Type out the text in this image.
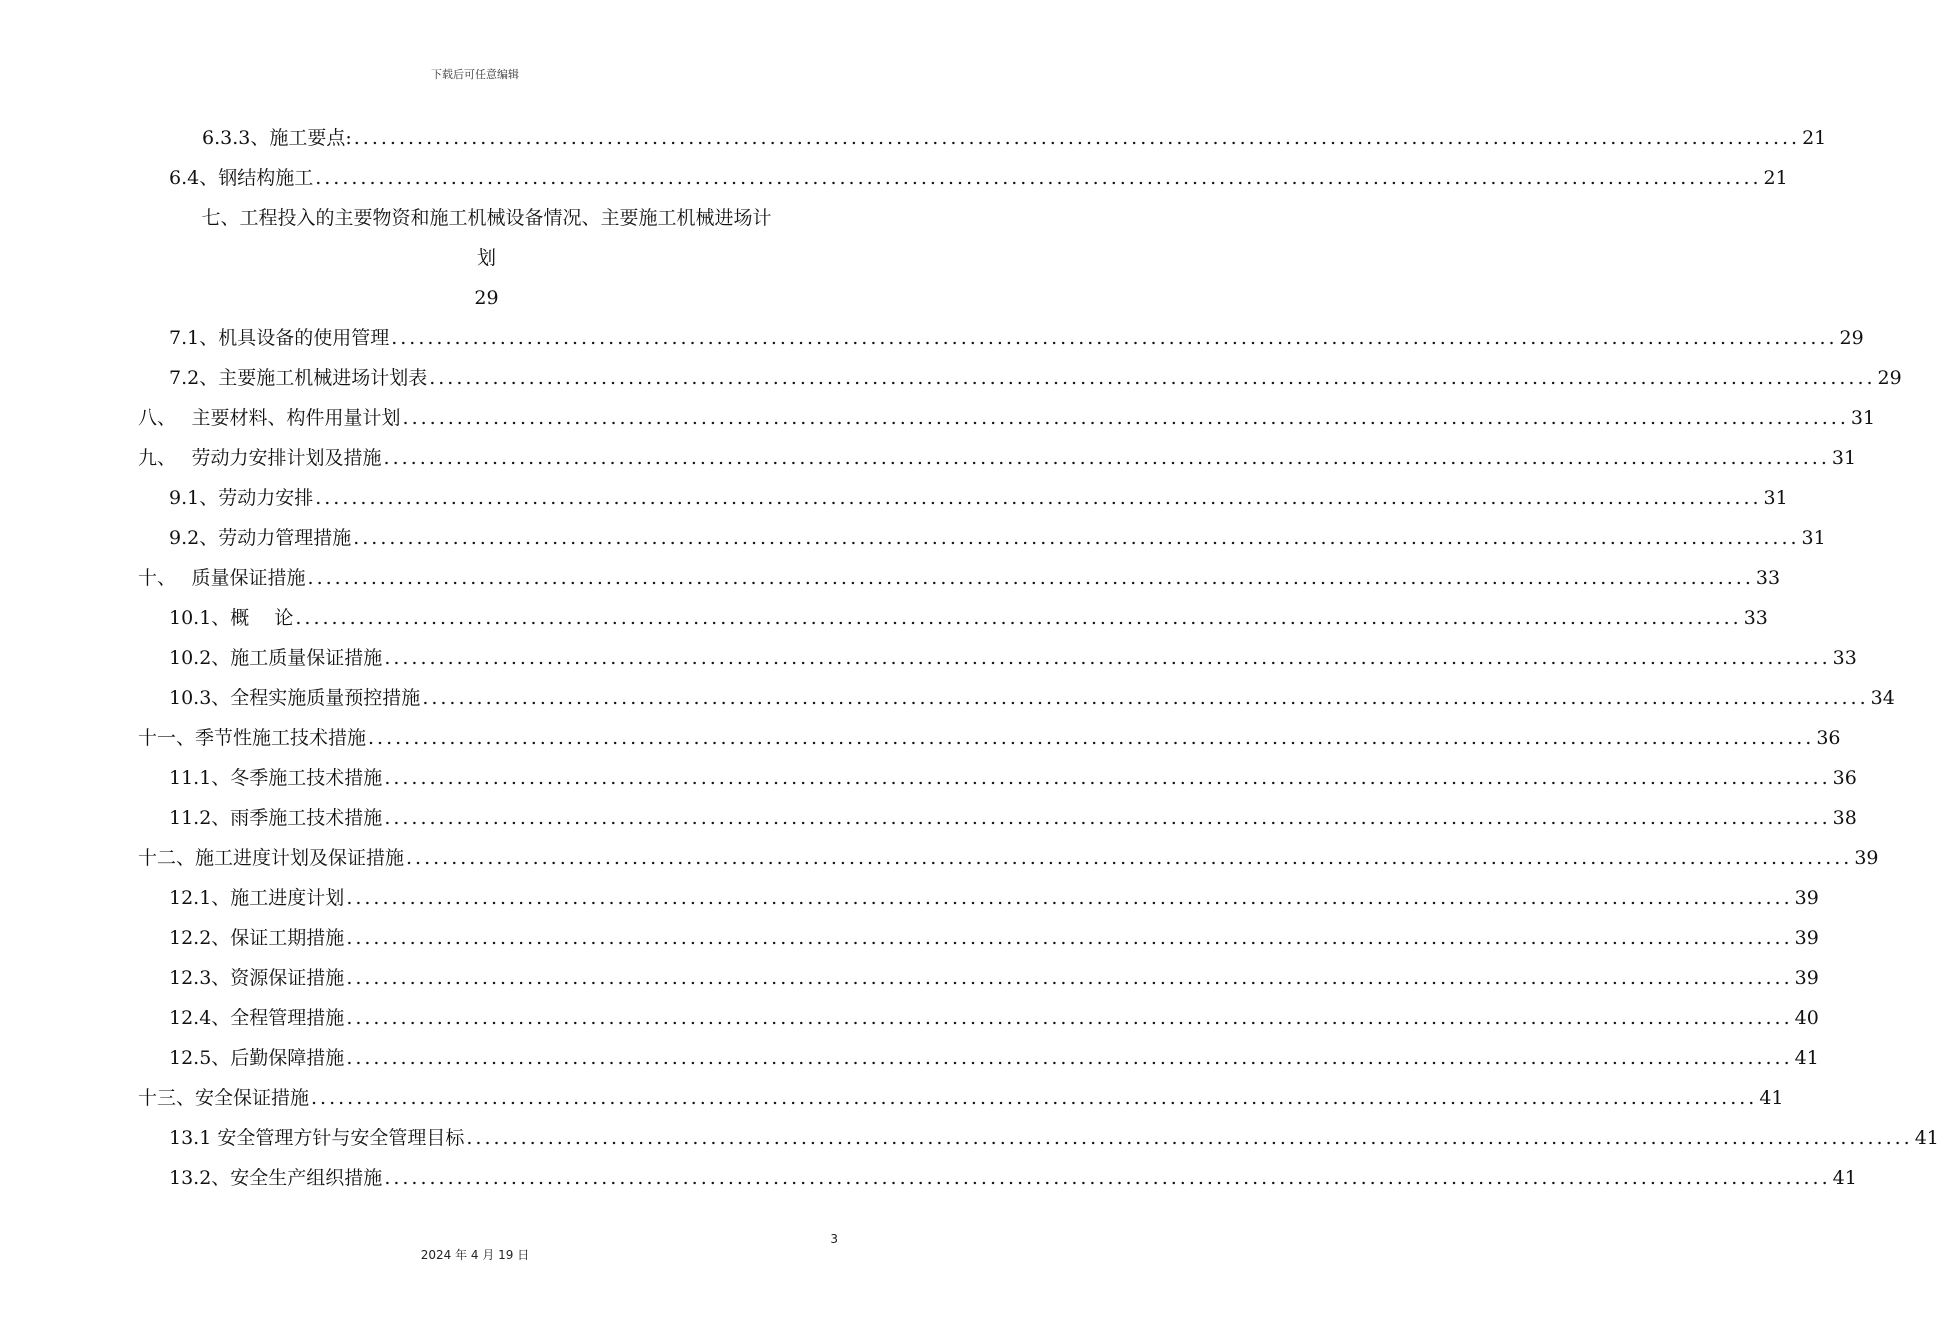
下载后可任意编辑
6.3.3、施工要点: ................................................................................................................................................................ 21
6.4、钢结构施工 ................................................................................................................................................................ 21
七、工程投入的主要物资和施工机械设备情况、主要施工机械进场计
划
29
7.1、机具设备的使用管理 ................................................................................................................................................................ 29
7.2、主要施工机械进场计划表 ................................................................................................................................................................ 29
八、　 主要材料、构件用量计划 ................................................................................................................................................................ 31
九、　 劳动力安排计划及措施 ................................................................................................................................................................ 31
9.1、劳动力安排 ................................................................................................................................................................ 31
9.2、劳动力管理措施 ................................................................................................................................................................ 31
十、　 质量保证措施 ................................................................................................................................................................ 33
10.1、概　 论 ................................................................................................................................................................ 33
10.2、施工质量保证措施 ................................................................................................................................................................ 33
10.3、全程实施质量预控措施 ................................................................................................................................................................ 34
十一、季节性施工技术措施 ................................................................................................................................................................ 36
11.1、冬季施工技术措施 ................................................................................................................................................................ 36
11.2、雨季施工技术措施 ................................................................................................................................................................ 38
十二、施工进度计划及保证措施 ................................................................................................................................................................ 39
12.1、施工进度计划 ................................................................................................................................................................ 39
12.2、保证工期措施 ................................................................................................................................................................ 39
12.3、资源保证措施 ................................................................................................................................................................ 39
12.4、全程管理措施 ................................................................................................................................................................ 40
12.5、后勤保障措施 ................................................................................................................................................................ 41
十三、安全保证措施 ................................................................................................................................................................ 41
13.1 安全管理方针与安全管理目标 ................................................................................................................................................................ 41
13.2、安全生产组织措施 ................................................................................................................................................................ 41
3
2024 年 4 月 19 日
